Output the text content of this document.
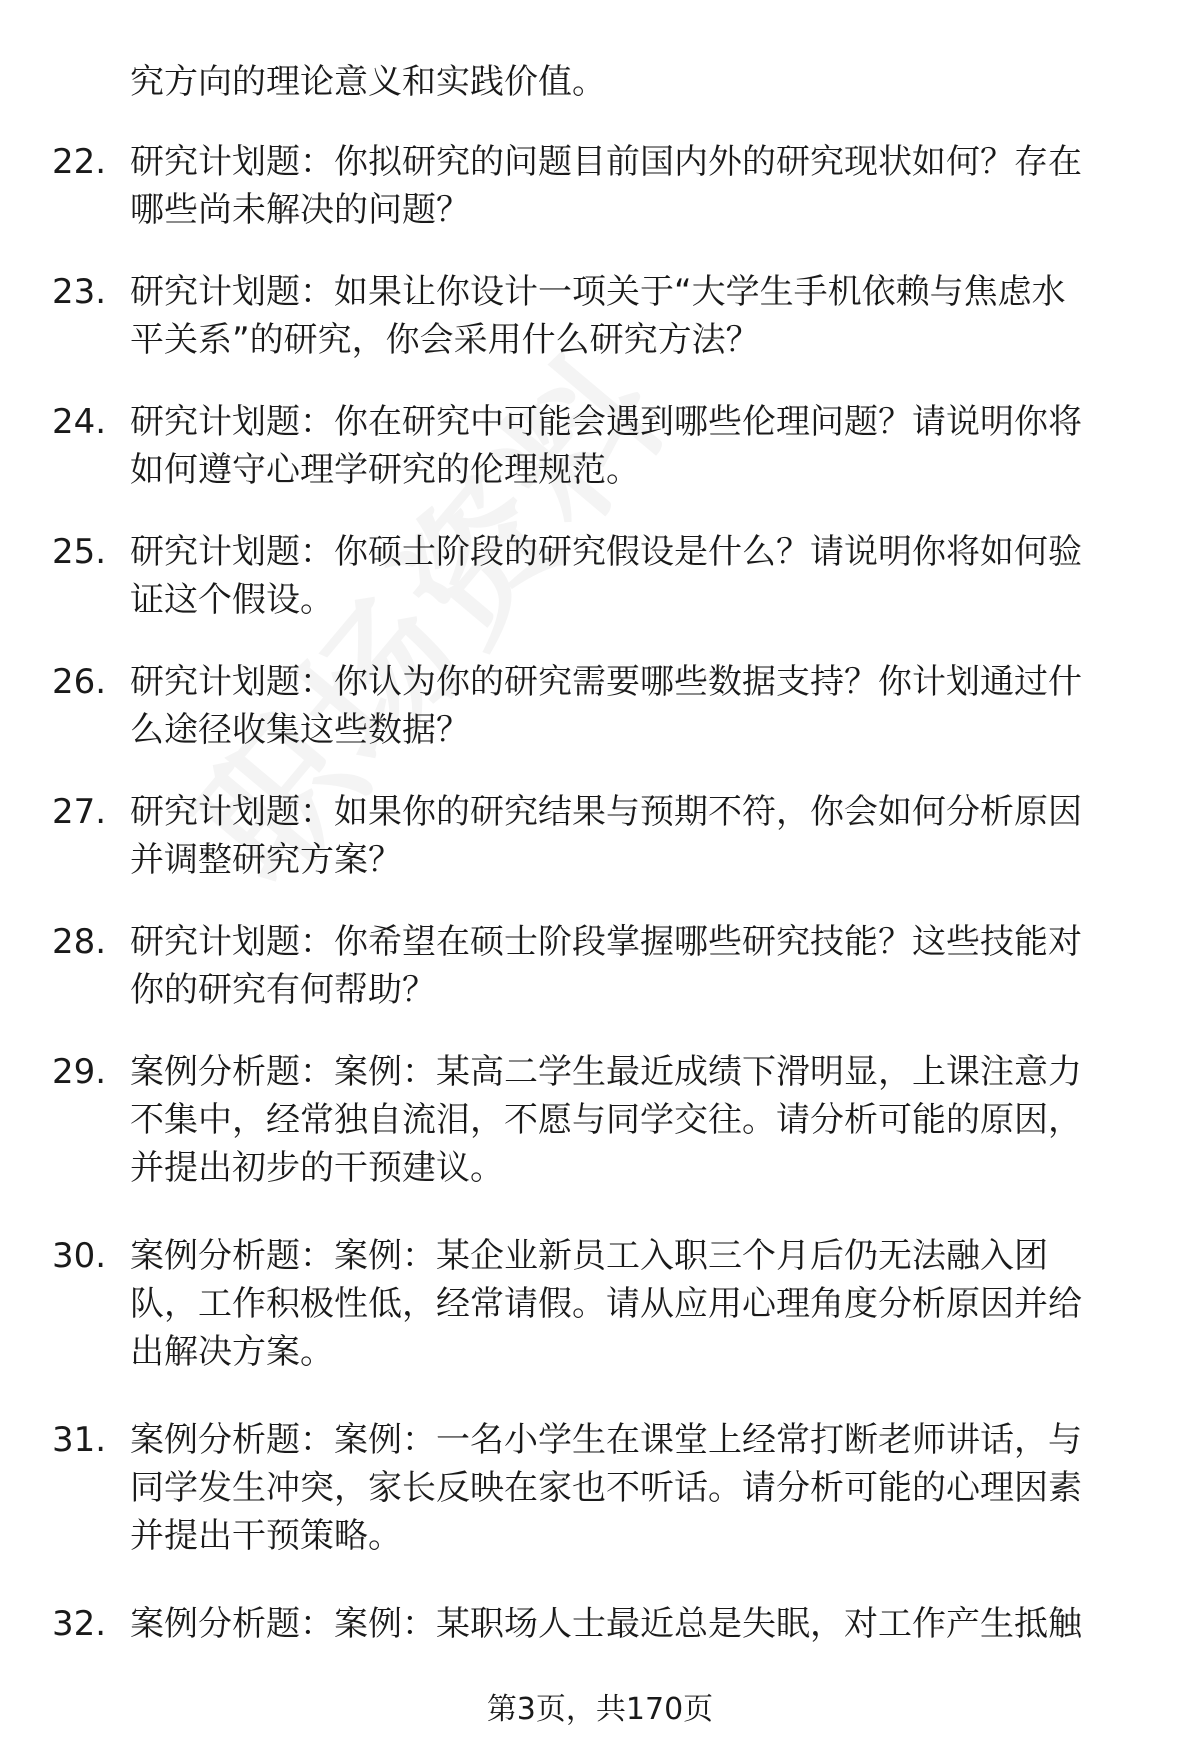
究方向的理论意义和实践价值。
22. 研究计划题：你拟研究的问题目前国内外的研究现状如何？存在
哪些尚未解决的问题？
23. 研究计划题：如果让你设计一项关于“大学生手机依赖与焦虑水
平关系”的研究，你会采用什么研究方法？
24. 研究计划题：你在研究中可能会遇到哪些伦理问题？请说明你将
如何遵守心理学研究的伦理规范。
25. 研究计划题：你硕士阶段的研究假设是什么？请说明你将如何验
证这个假设。
26. 研究计划题：你认为你的研究需要哪些数据支持？你计划通过什
么途径收集这些数据？
27. 研究计划题：如果你的研究结果与预期不符，你会如何分析原因
并调整研究方案？
28. 研究计划题：你希望在硕士阶段掌握哪些研究技能？这些技能对
你的研究有何帮助？
29. 案例分析题：案例：某高二学生最近成绩下滑明显，上课注意力
不集中，经常独自流泪，不愿与同学交往。请分析可能的原因，
并提出初步的干预建议。
30. 案例分析题：案例：某企业新员工入职三个月后仍无法融入团
队，工作积极性低，经常请假。请从应用心理角度分析原因并给
出解决方案。
31. 案例分析题：案例：一名小学生在课堂上经常打断老师讲话，与
同学发生冲突，家长反映在家也不听话。请分析可能的心理因素
并提出干预策略。
32. 案例分析题：案例：某职场人士最近总是失眠，对工作产生抵触
第3页，共170页
